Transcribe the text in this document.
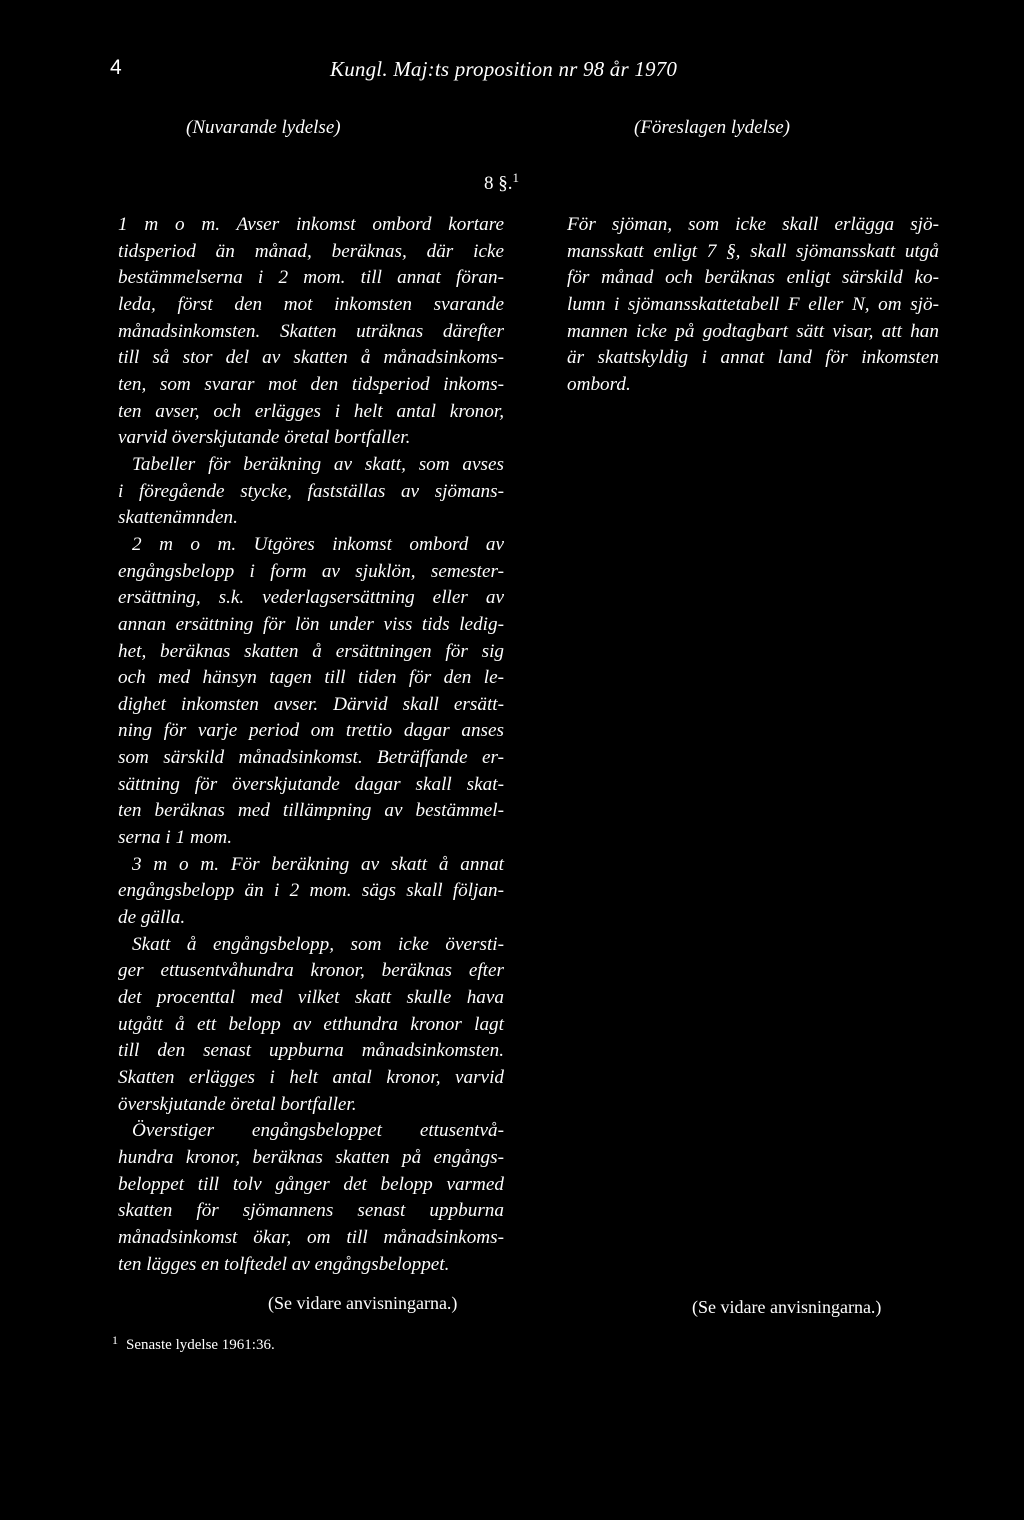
4	Kungl. Maj:ts proposition nr 98 år 1970
(Nuvarande lydelse)	(Föreslagen lydelse)
8 §.$^1$
1 m o m. Avser inkomst ombord kortare
tidsperiod än månad, beräknas, där icke
bestämmelserna i 2 mom. till annat föran-
leda, först den mot inkomsten svarande
månadsinkomsten. Skatten uträknas därefter
till så stor del av skatten å månadsinkoms-
ten, som svarar mot den tidsperiod inkoms-
ten avser, och erlägges i helt antal kronor,
varvid överskjutande öretal bortfaller.
Tabeller för beräkning av skatt, som avses
i föregående stycke, fastställas av sjömans-
skattenämnden.
2 m o m. Utgöres inkomst ombord av
engångsbelopp i form av sjuklön, semester-
ersättning, s.k. vederlagsersättning eller av
annan ersättning för lön under viss tids ledig-
het, beräknas skatten å ersättningen för sig
och med hänsyn tagen till tiden för den le-
dighet inkomsten avser. Därvid skall ersätt-
ning för varje period om trettio dagar anses
som särskild månadsinkomst. Beträffande er-
sättning för överskjutande dagar skall skat-
ten beräknas med tillämpning av bestämmel-
serna i 1 mom.
3 m o m. För beräkning av skatt å annat
engångsbelopp än i 2 mom. sägs skall följan-
de gälla.
Skatt å engångsbelopp, som icke översti-
ger ettusentvåhundra kronor, beräknas efter
det procenttal med vilket skatt skulle hava
utgått å ett belopp av etthundra kronor lagt
till den senast uppburna månadsinkomsten.
Skatten erlägges i helt antal kronor, varvid
överskjutande öretal bortfaller.
Överstiger engångsbeloppet ettusentvå-
hundra kronor, beräknas skatten på engångs-
beloppet till tolv gånger det belopp varmed
skatten för sjömannens senast uppburna
månadsinkomst ökar, om till månadsinkoms-
ten lägges en tolftedel av engångsbeloppet.
För sjöman, som icke skall erlägga sjö-
mansskatt enligt 7 §, skall sjömansskatt utgå
för månad och beräknas enligt särskild ko-
lumn i sjömansskattetabell F eller N, om sjö-
mannen icke på godtagbart sätt visar, att han
är skattskyldig i annat land för inkomsten
ombord.
(Se vidare anvisningarna.)	(Se vidare anvisningarna.)
$^1$ Senaste lydelse 1961:36.
